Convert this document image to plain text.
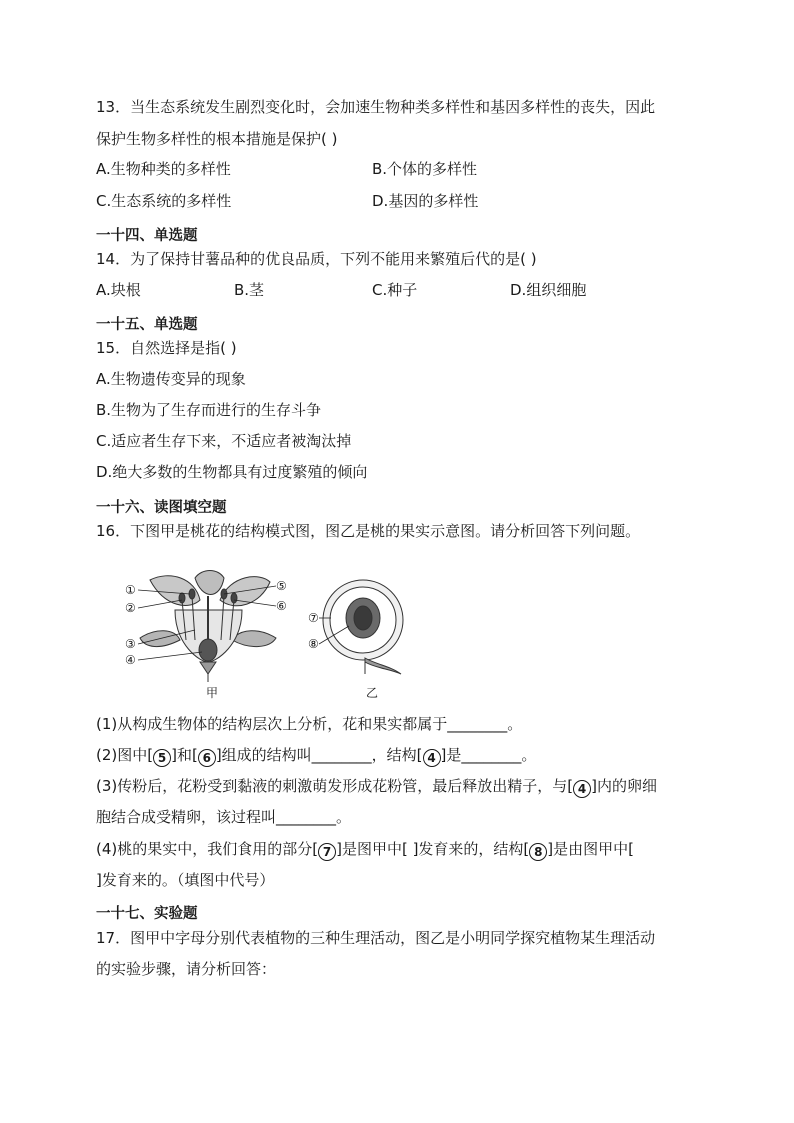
13．当生态系统发生剧烈变化时，会加速生物种类多样性和基因多样性的丧失，因此
保护生物多样性的根本措施是保护( )
A.生物种类的多样性	B.个体的多样性
C.生态系统的多样性	D.基因的多样性
一十四、单选题
14．为了保持甘薯品种的优良品质，下列不能用来繁殖后代的是( )
A.块根	B.茎	C.种子	D.组织细胞
一十五、单选题
15．自然选择是指( )
A.生物遗传变异的现象
B.生物为了生存而进行的生存斗争
C.适应者生存下来，不适应者被淘汰掉
D.绝大多数的生物都具有过度繁殖的倾向
一十六、读图填空题
16．下图甲是桃花的结构模式图，图乙是桃的果实示意图。请分析回答下列问题。
①
②
③
④
⑤
⑥
甲
⑦
⑧
乙
(1)从构成生物体的结构层次上分析，花和果实都属于________。
(2)图中[ 5 ]和[ 6 ]组成的结构叫________，结构[ 4 ]是________。
(3)传粉后，花粉受到黏液的刺激萌发形成花粉管，最后释放出精子，与[ 4 ]内的卵细
胞结合成受精卵，该过程叫________。
(4)桃的果实中，我们食用的部分[ 7 ]是图甲中[ ]发育来的，结构[ 8 ]是由图甲中[
]发育来的。（填图中代号）
一十七、实验题
17．图甲中字母分别代表植物的三种生理活动，图乙是小明同学探究植物某生理活动
的实验步骤，请分析回答：
